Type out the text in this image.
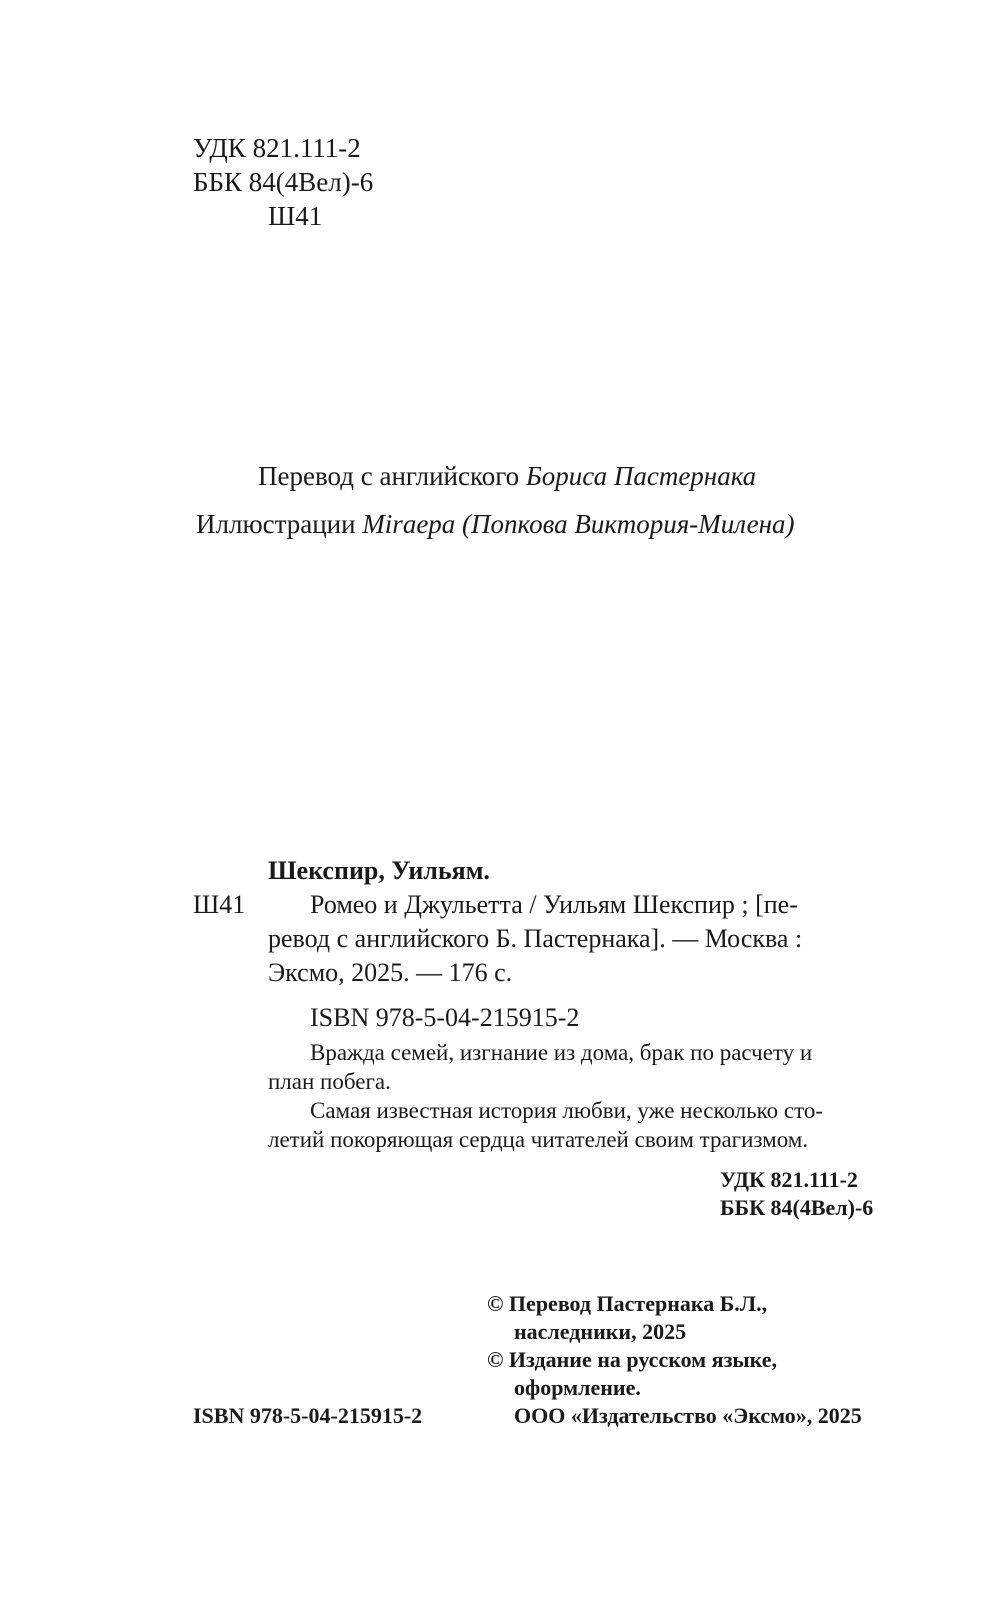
УДК 821.111-2
ББК 84(4Вел)-6
Ш41
Перевод с английского Бориса Пастернака
Иллюстрации Miraepa (Попкова Виктория-Милена)
Шекспир, Уильям.
Ш41 Ромео и Джульетта / Уильям Шекспир ; [пе-
ревод с английского Б. Пастернака]. — Москва :
Эксмо, 2025. — 176 с.
ISBN 978-5-04-215915-2
Вражда семей, изгнание из дома, брак по расчету и
план побега.
Самая известная история любви, уже несколько сто-
летий покоряющая сердца читателей своим трагизмом.
УДК 821.111-2
ББК 84(4Вел)-6
© Перевод Пастернака Б.Л.,
наследники, 2025
© Издание на русском языке,
оформление.
ООО «Издательство «Эксмо», 2025
ISBN 978-5-04-215915-2
